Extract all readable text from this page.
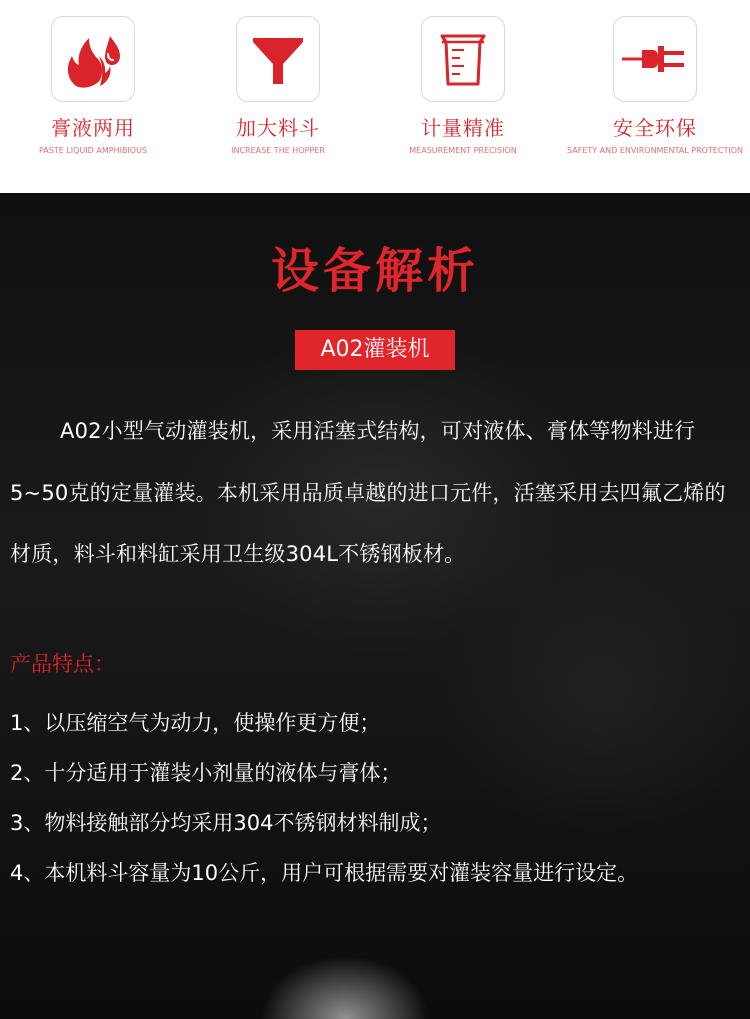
膏液两用
PASTE LIQUID AMPHIBIOUS
加大料斗
INCREASE THE HOPPER
计量精准
MEASUREMENT PRECISION
安全环保
SAFETY AND ENVIRONMENTAL PROTECTION
设备解析
A02灌装机
A02小型气动灌装机，采用活塞式结构，可对液体、膏体等物料进行5~50克的定量灌装。本机采用品质卓越的进口元件，活塞采用去四氟乙烯的材质，料斗和料缸采用卫生级304L不锈钢板材。
产品特点：
1、以压缩空气为动力，使操作更方便；
2、十分适用于灌装小剂量的液体与膏体；
3、物料接触部分均采用304不锈钢材料制成；
4、本机料斗容量为10公斤，用户可根据需要对灌装容量进行设定。
